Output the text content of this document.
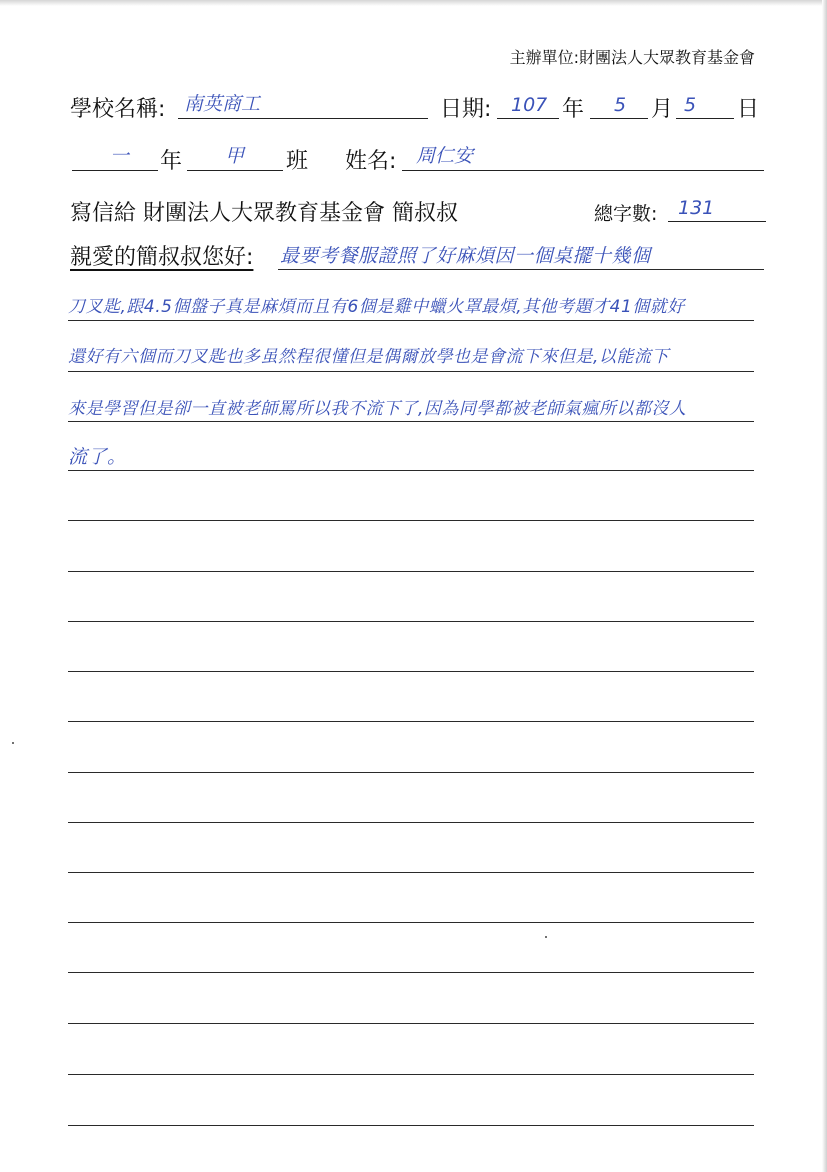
主辦單位:財團法人大眾教育基金會
學校名稱: 南英商工	日期: 107 年 5 月 5 日
一 年 甲 班 姓名: 周仁安
寫信給 財團法人大眾教育基金會 簡叔叔	總字數: 131
親愛的簡叔叔您好: 最要考餐服證照了好麻煩因一個桌擺十幾個
刀叉匙,跟4.5個盤子真是麻煩而且有6個是雞中蠟火罩最煩,其他考題才41個就好
還好有六個而刀叉匙也多虽然程很懂但是偶爾放學也是會流下來但是,以能流下
來是學習但是卻一直被老師罵所以我不流下了,因為同學都被老師氣瘋所以都沒人
流了。
